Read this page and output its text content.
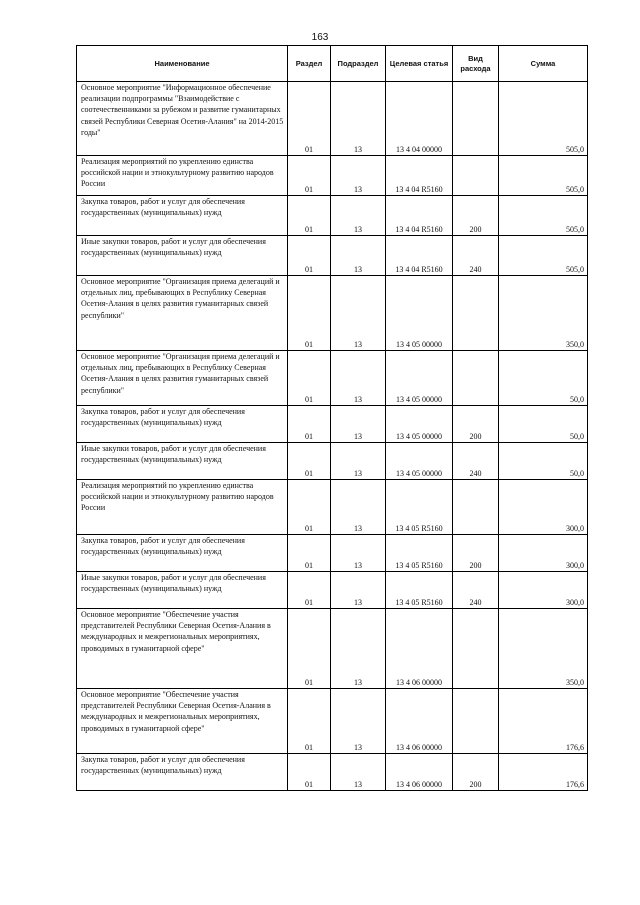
163
Наименование	Раздел	Подраздел	Целевая статья	Вид расхода	Сумма
Основное мероприятие "Информационное обеспечение реализации подпрограммы "Взаимодействие с соотечественниками за рубежом и развитие гуманитарных связей Республики Северная Осетия-Алания" на 2014-2015 годы"	01	13	13 4 04 00000		505,0
Реализация мероприятий по укреплению единства российской нации и этнокультурному развитию народов России	01	13	13 4 04 R5160		505,0
Закупка товаров, работ и услуг для обеспечения государственных (муниципальных) нужд	01	13	13 4 04 R5160	200	505,0
Иные закупки товаров, работ и услуг для обеспечения государственных (муниципальных) нужд	01	13	13 4 04 R5160	240	505,0
Основное мероприятие "Организация приема делегаций и отдельных лиц, пребывающих в Республику Северная Осетия-Алания в целях развития гуманитарных связей республики"	01	13	13 4 05 00000		350,0
Основное мероприятие "Организация приема делегаций и отдельных лиц, пребывающих в Республику Северная Осетия-Алания в целях развития гуманитарных связей республики"	01	13	13 4 05 00000		50,0
Закупка товаров, работ и услуг для обеспечения государственных (муниципальных) нужд	01	13	13 4 05 00000	200	50,0
Иные закупки товаров, работ и услуг для обеспечения государственных (муниципальных) нужд	01	13	13 4 05 00000	240	50,0
Реализация мероприятий по укреплению единства российской нации и этнокультурному развитию народов России	01	13	13 4 05 R5160		300,0
Закупка товаров, работ и услуг для обеспечения государственных (муниципальных) нужд	01	13	13 4 05 R5160	200	300,0
Иные закупки товаров, работ и услуг для обеспечения государственных (муниципальных) нужд	01	13	13 4 05 R5160	240	300,0
Основное мероприятие "Обеспечение участия представителей Республики Северная Осетия-Алания в международных и межрегиональных мероприятиях, проводимых в гуманитарной сфере"	01	13	13 4 06 00000		350,0
Основное мероприятие "Обеспечение участия представителей Республики Северная Осетия-Алания в международных и межрегиональных мероприятиях, проводимых в гуманитарной сфере"	01	13	13 4 06 00000		176,6
Закупка товаров, работ и услуг для обеспечения государственных (муниципальных) нужд	01	13	13 4 06 00000	200	176,6
